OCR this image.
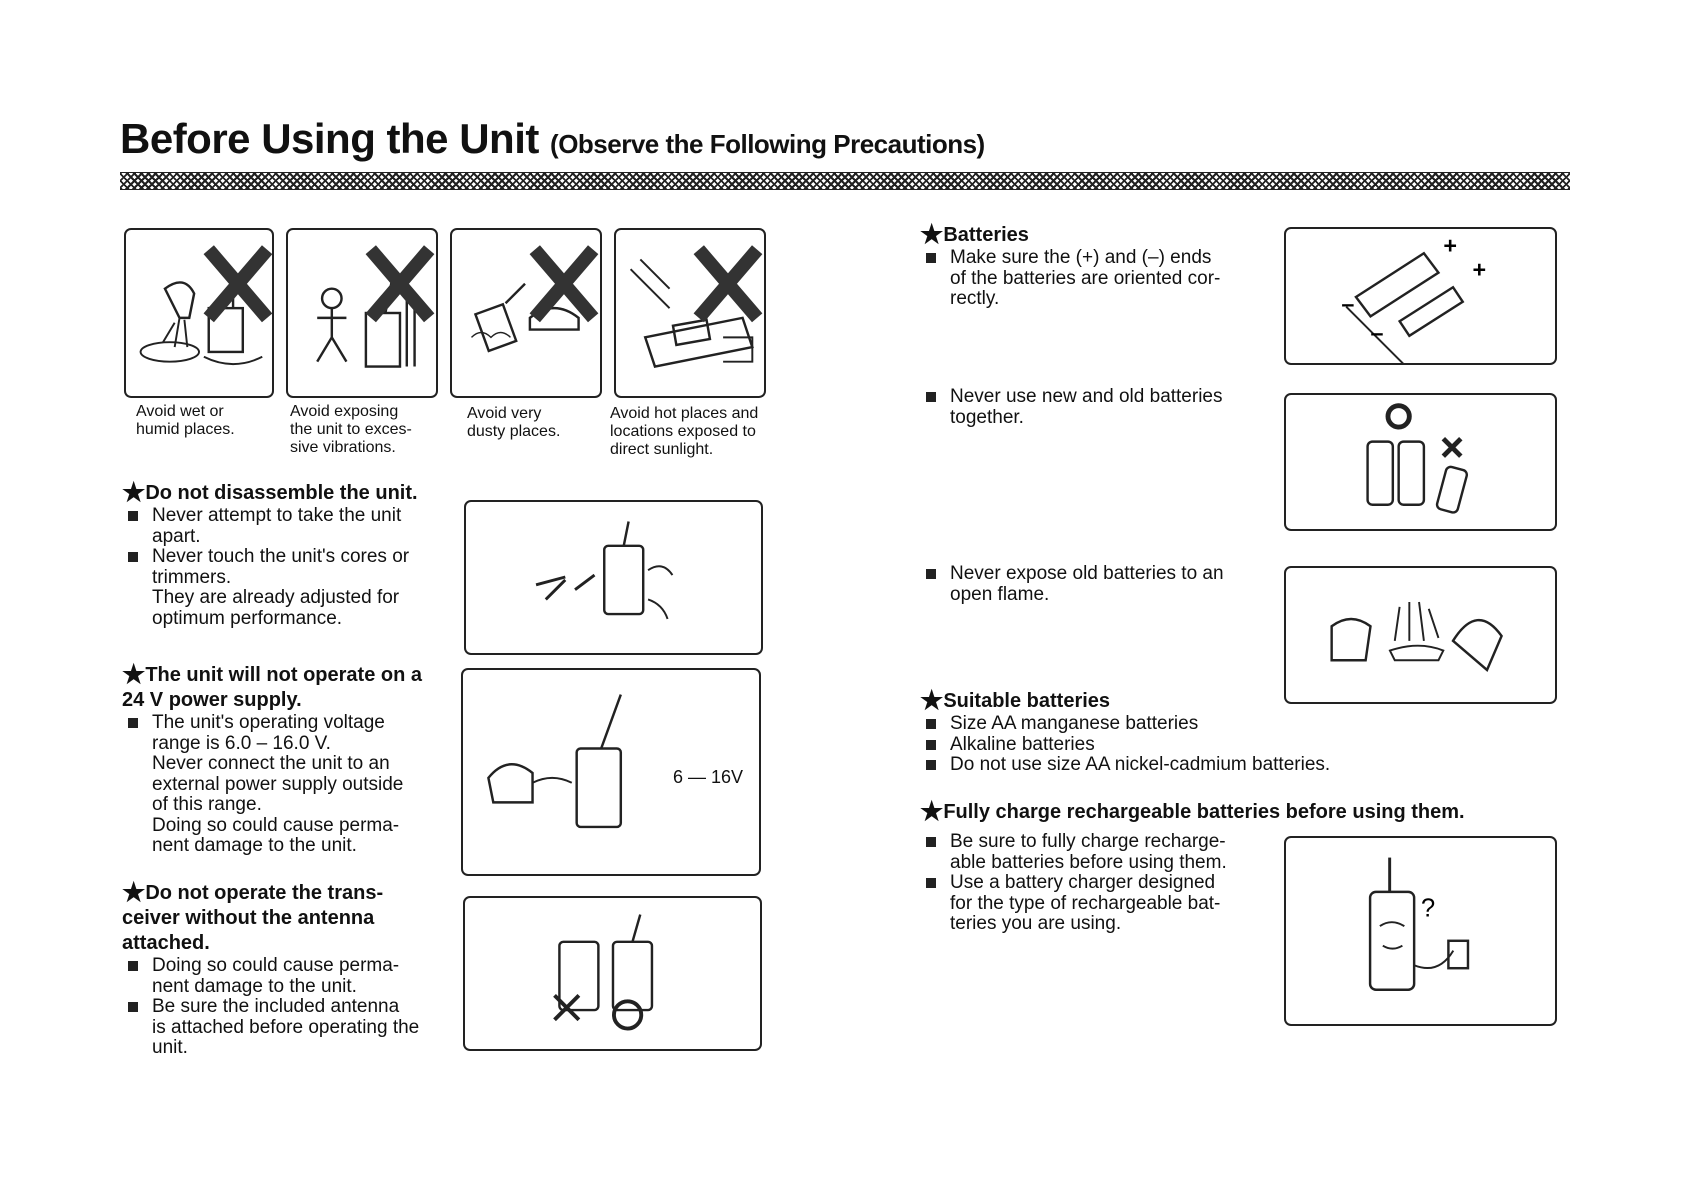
Before Using the Unit (Observe the Following Precautions)
Avoid wet or
humid places.
Avoid exposing
the unit to exces-
sive vibrations.
Avoid very
dusty places.
Avoid hot places and
locations exposed to
direct sunlight.
★Do not disassemble the unit.
Never attempt to take the unit
apart.
Never touch the unit's cores or
trimmers.
They are already adjusted for
optimum performance.
★The unit will not operate on a
24 V power supply.
The unit's operating voltage
range is 6.0 – 16.0 V.
Never connect the unit to an
external power supply outside
of this range.
Doing so could cause perma-
nent damage to the unit.
6 — 16V
★Do not operate the trans-
ceiver without the antenna
attached.
Doing so could cause perma-
nent damage to the unit.
Be sure the included antenna
is attached before operating the
unit.
★Batteries
Make sure the (+) and (–) ends
of the batteries are oriented cor-
rectly.
+
+
–
–
Never use new and old batteries
together.
Never expose old batteries to an
open flame.
★Suitable batteries
Size AA manganese batteries
Alkaline batteries
Do not use size AA nickel-cadmium batteries.
★Fully charge rechargeable batteries before using them.
Be sure to fully charge recharge-
able batteries before using them.
Use a battery charger designed
for the type of rechargeable bat-
teries you are using.
?
